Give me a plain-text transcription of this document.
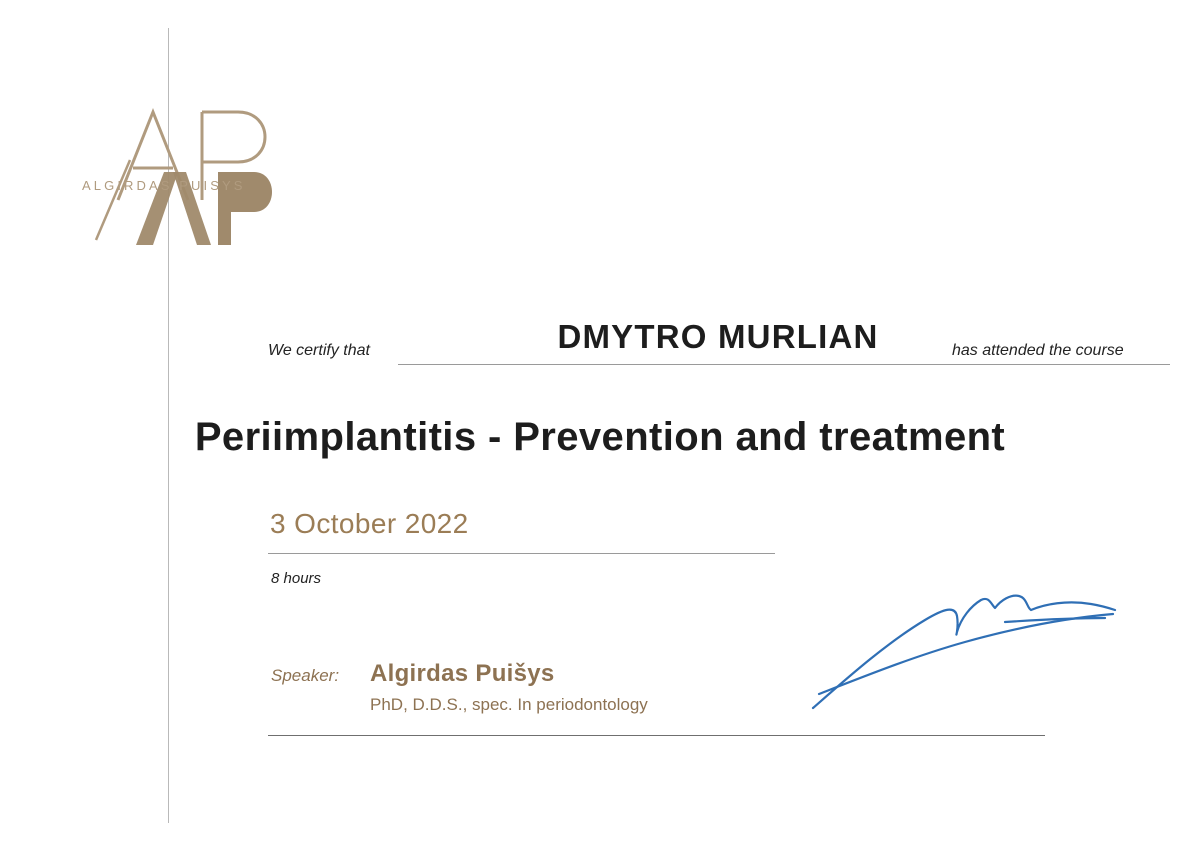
ALGIRDAS PUISYS
We certify that	DMYTRO MURLIAN	has attended the course
Periimplantitis - Prevention and treatment
3 October 2022
8 hours
Speaker: Algirdas Puišys
PhD, D.D.S., spec. In periodontology
